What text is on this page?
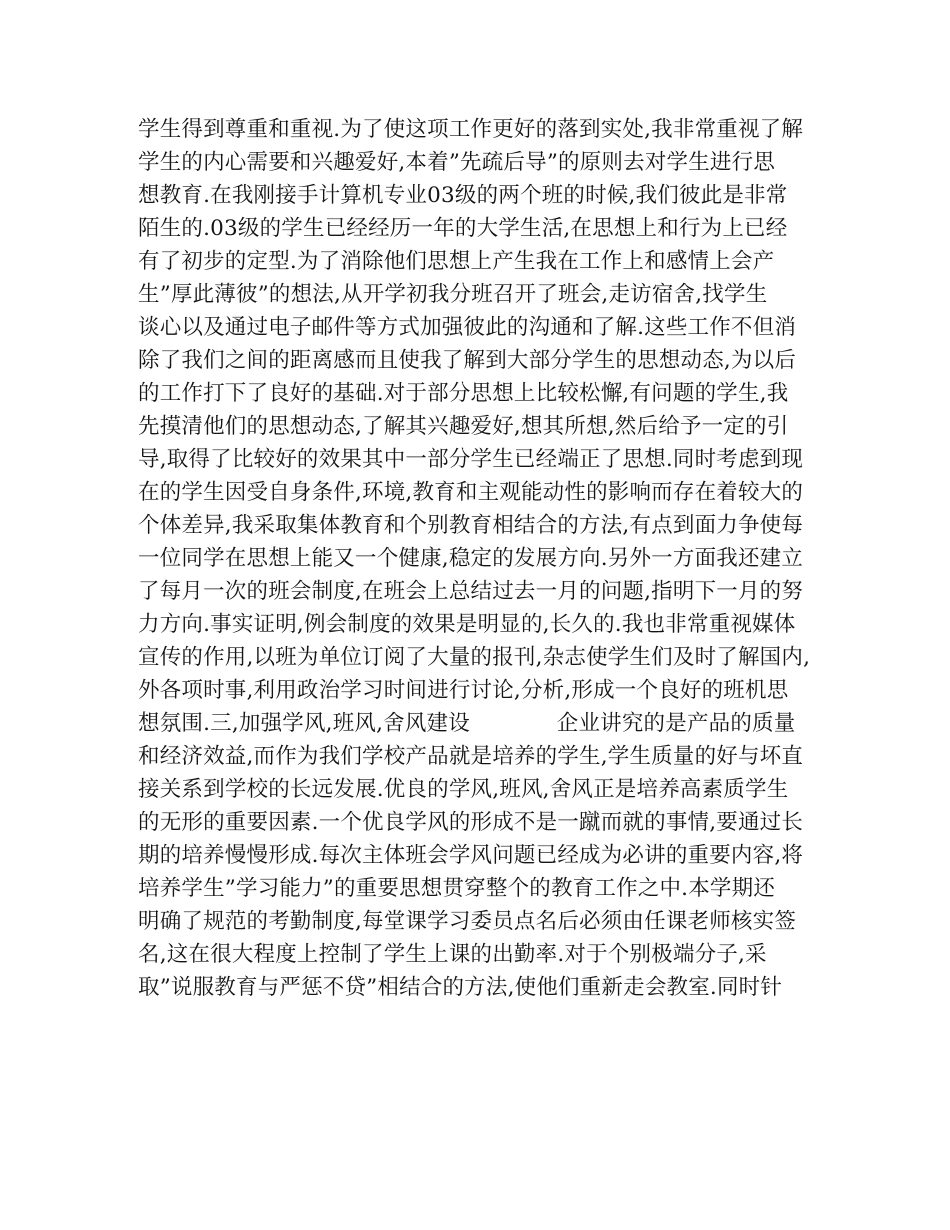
学生得到尊重和重视.为了使这项工作更好的落到实处,我非常重视了解
学生的内心需要和兴趣爱好,本着”先疏后导”的原则去对学生进行思
想教育.在我刚接手计算机专业03级的两个班的时候,我们彼此是非常
陌生的.03级的学生已经经历一年的大学生活,在思想上和行为上已经
有了初步的定型.为了消除他们思想上产生我在工作上和感情上会产
生”厚此薄彼”的想法,从开学初我分班召开了班会,走访宿舍,找学生
谈心以及通过电子邮件等方式加强彼此的沟通和了解.这些工作不但消
除了我们之间的距离感而且使我了解到大部分学生的思想动态,为以后
的工作打下了良好的基础.对于部分思想上比较松懈,有问题的学生,我
先摸清他们的思想动态,了解其兴趣爱好,想其所想,然后给予一定的引
导,取得了比较好的效果其中一部分学生已经端正了思想.同时考虑到现
在的学生因受自身条件,环境,教育和主观能动性的影响而存在着较大的
个体差异,我采取集体教育和个别教育相结合的方法,有点到面力争使每
一位同学在思想上能又一个健康,稳定的发展方向.另外一方面我还建立
了每月一次的班会制度,在班会上总结过去一月的问题,指明下一月的努
力方向.事实证明,例会制度的效果是明显的,长久的.我也非常重视媒体
宣传的作用,以班为单位订阅了大量的报刊,杂志使学生们及时了解国内,
外各项时事,利用政治学习时间进行讨论,分析,形成一个良好的班机思
想氛围.三,加强学风,班风,舍风建设　　　　企业讲究的是产品的质量
和经济效益,而作为我们学校产品就是培养的学生,学生质量的好与坏直
接关系到学校的长远发展.优良的学风,班风,舍风正是培养高素质学生
的无形的重要因素.一个优良学风的形成不是一蹴而就的事情,要通过长
期的培养慢慢形成.每次主体班会学风问题已经成为必讲的重要内容,将
培养学生”学习能力”的重要思想贯穿整个的教育工作之中.本学期还
明确了规范的考勤制度,每堂课学习委员点名后必须由任课老师核实签
名,这在很大程度上控制了学生上课的出勤率.对于个别极端分子,采
取”说服教育与严惩不贷”相结合的方法,使他们重新走会教室.同时针
